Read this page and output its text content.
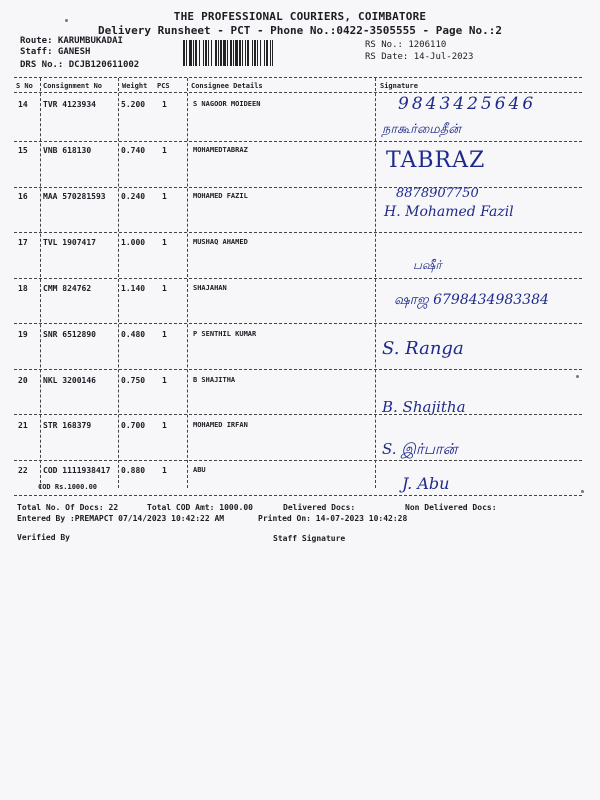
THE PROFESSIONAL COURIERS, COIMBATORE
Delivery Runsheet - PCT - Phone No.:0422-3505555 - Page No.:2
Route: KARUMBUKADAI
Staff: GANESH
DRS No.: DCJB120611002
RS No.: 1206110
RS Date: 14-Jul-2023
S No Consignment No	Weight PCS	Consignee Details	Signature
14 TVR 4123934	5.200 1	S NAGOOR MOIDEEN	9843425646
நாகூர்மைதீன்
15 VNB 618130	0.740 1	MOHAMEDTABRAZ	TABRAZ
16 MAA 570281593 0.240 1	MOHAMED FAZIL	8878907750
H. Mohamed Fazil
17 TVL 1907417	1.000 1	MUSHAQ AHAMED
பஷீர்
18 CMM 824762	1.140 1	SHAJAHAN
ஷாஜ 6798434983384
19 SNR 6512890	0.480 1	P SENTHIL KUMAR
S. Ranga
20 NKL 3200146	0.750 1	B SHAJITHA
B. Shajitha
21 STR 168379	0.700 1	MOHAMED IRFAN
S. இர்பான்
22 COD 1111938417 0.880 1	ABU
COD Rs.1000.00	J. Abu
Total No. Of Docs: 22	Total COD Amt: 1000.00	Delivered Docs:	Non Delivered Docs:
Entered By :PREMAPCT 07/14/2023 10:42:22 AM	Printed On: 14-07-2023 10:42:28
Verified By	Staff Signature
